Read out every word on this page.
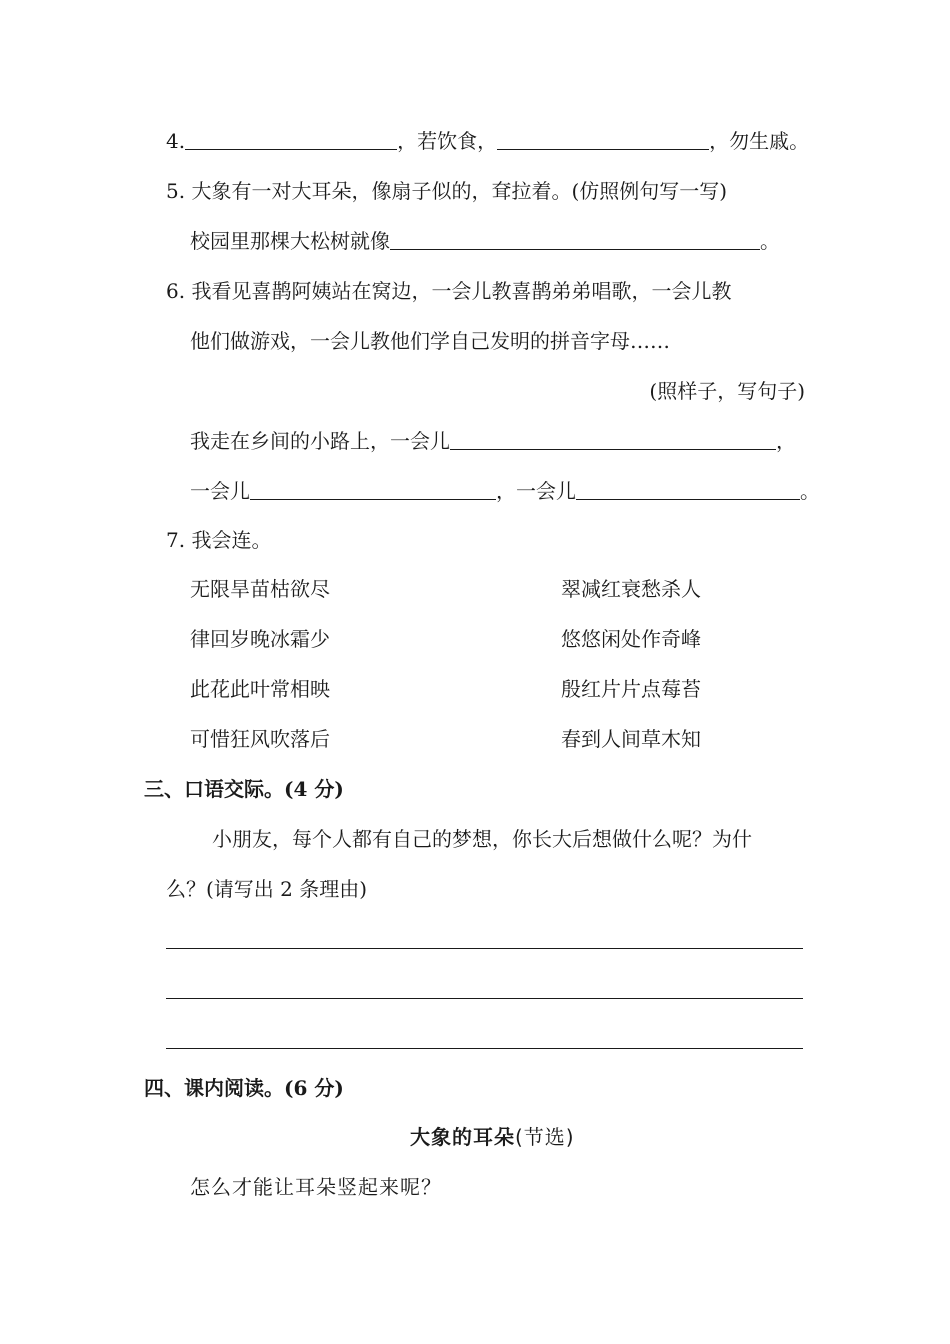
4.	，若饮食，	，勿生戚。
5. 大象有一对大耳朵，像扇子似的，耷拉着。(仿照例句写一写)
校园里那棵大松树就像	。
6. 我看见喜鹊阿姨站在窝边，一会儿教喜鹊弟弟唱歌，一会儿教
他们做游戏，一会儿教他们学自己发明的拼音字母……
(照样子，写句子)
我走在乡间的小路上，一会儿	，
一会儿	，一会儿	。
7. 我会连。
无限旱苗枯欲尽	翠减红衰愁杀人
律回岁晚冰霜少	悠悠闲处作奇峰
此花此叶常相映	殷红片片点莓苔
可惜狂风吹落后	春到人间草木知
三、口语交际。(4 分)
小朋友，每个人都有自己的梦想，你长大后想做什么呢？为什
么？(请写出 2 条理由)
四、课内阅读。(6 分)
大象的耳朵(节选)
怎么才能让耳朵竖起来呢？
